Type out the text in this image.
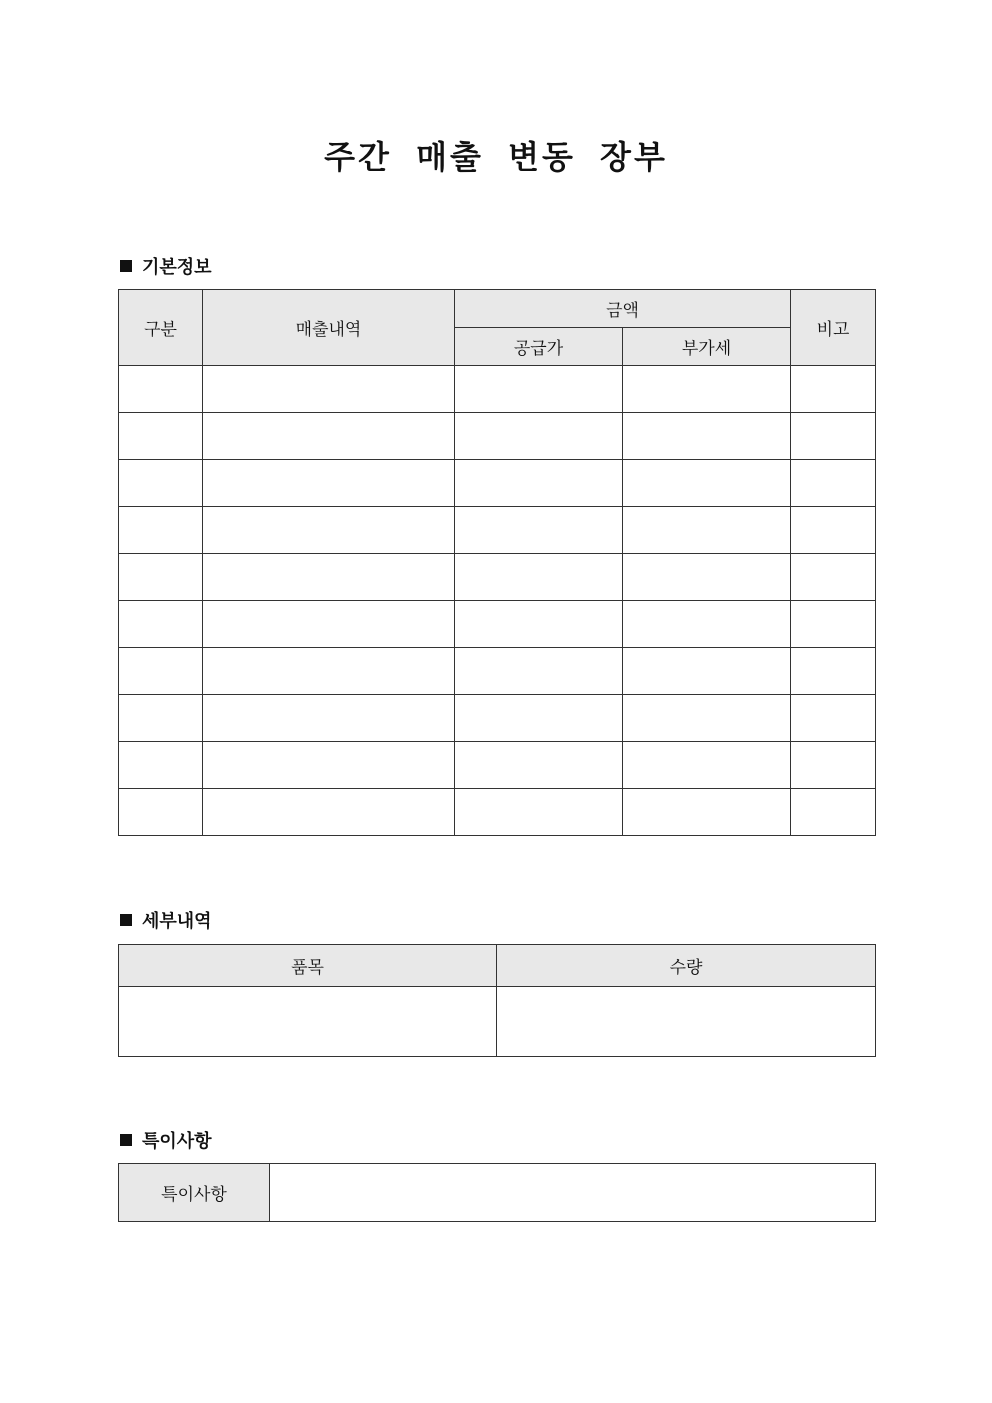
주간 매출 변동 장부
기본정보
구분	매출내역	금액		비고
		공급가	부가세	

세부내역
품목	수량

특이사항
특이사항	
